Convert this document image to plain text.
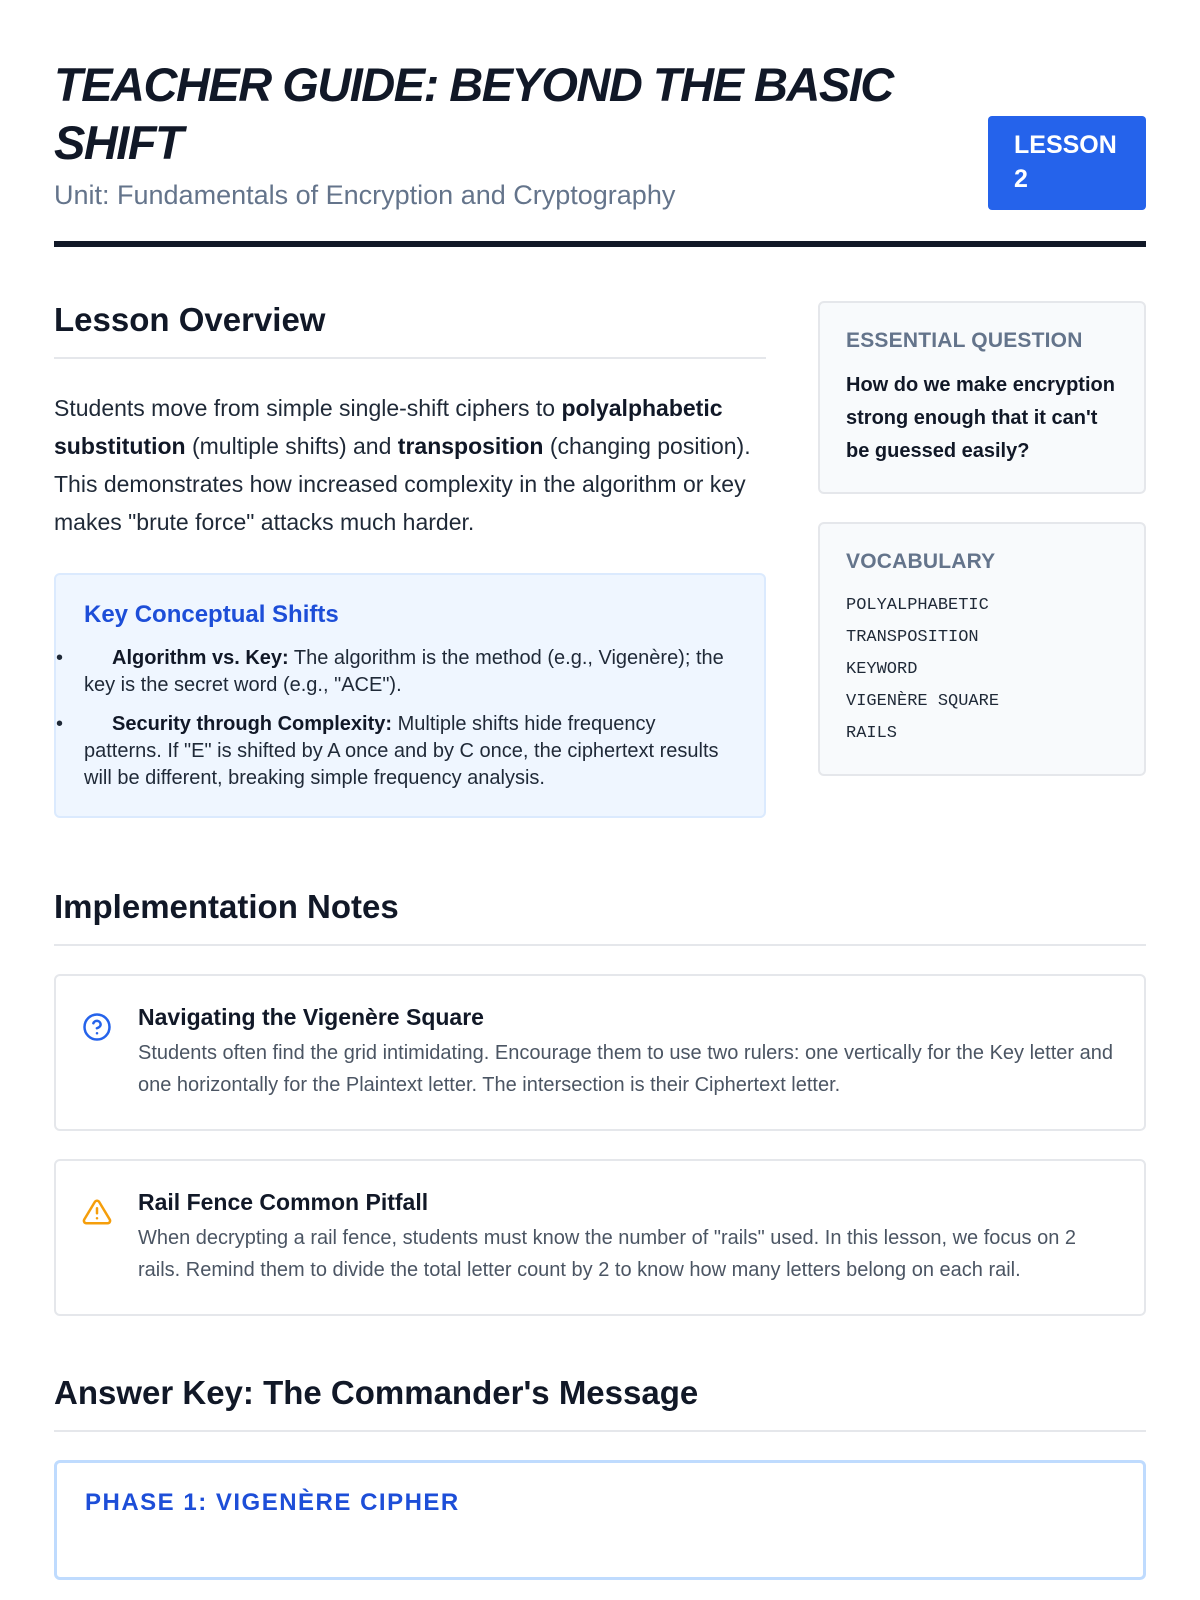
TEACHER GUIDE: BEYOND THE BASIC SHIFT
Unit: Fundamentals of Encryption and Cryptography
LESSON 2
Lesson Overview

Students move from simple single-shift ciphers to polyalphabetic substitution (multiple shifts) and transposition (changing position). This demonstrates how increased complexity in the algorithm or key makes "brute force" attacks much harder.

Key Conceptual Shifts
• Algorithm vs. Key: The algorithm is the method (e.g., Vigenère); the key is the secret word (e.g., "ACE").
• Security through Complexity: Multiple shifts hide frequency patterns. If "E" is shifted by A once and by C once, the ciphertext results will be different, breaking simple frequency analysis.
ESSENTIAL QUESTION
How do we make encryption strong enough that it can't be guessed easily?
VOCABULARY
POLYALPHABETIC
TRANSPOSITION
KEYWORD
VIGENÈRE SQUARE
RAILS
Implementation Notes
Navigating the Vigenère Square
Students often find the grid intimidating. Encourage them to use two rulers: one vertically for the Key letter and one horizontally for the Plaintext letter. The intersection is their Ciphertext letter.
Rail Fence Common Pitfall
When decrypting a rail fence, students must know the number of "rails" used. In this lesson, we focus on 2 rails. Remind them to divide the total letter count by 2 to know how many letters belong on each rail.
Answer Key: The Commander's Message
PHASE 1: VIGENÈRE CIPHER
